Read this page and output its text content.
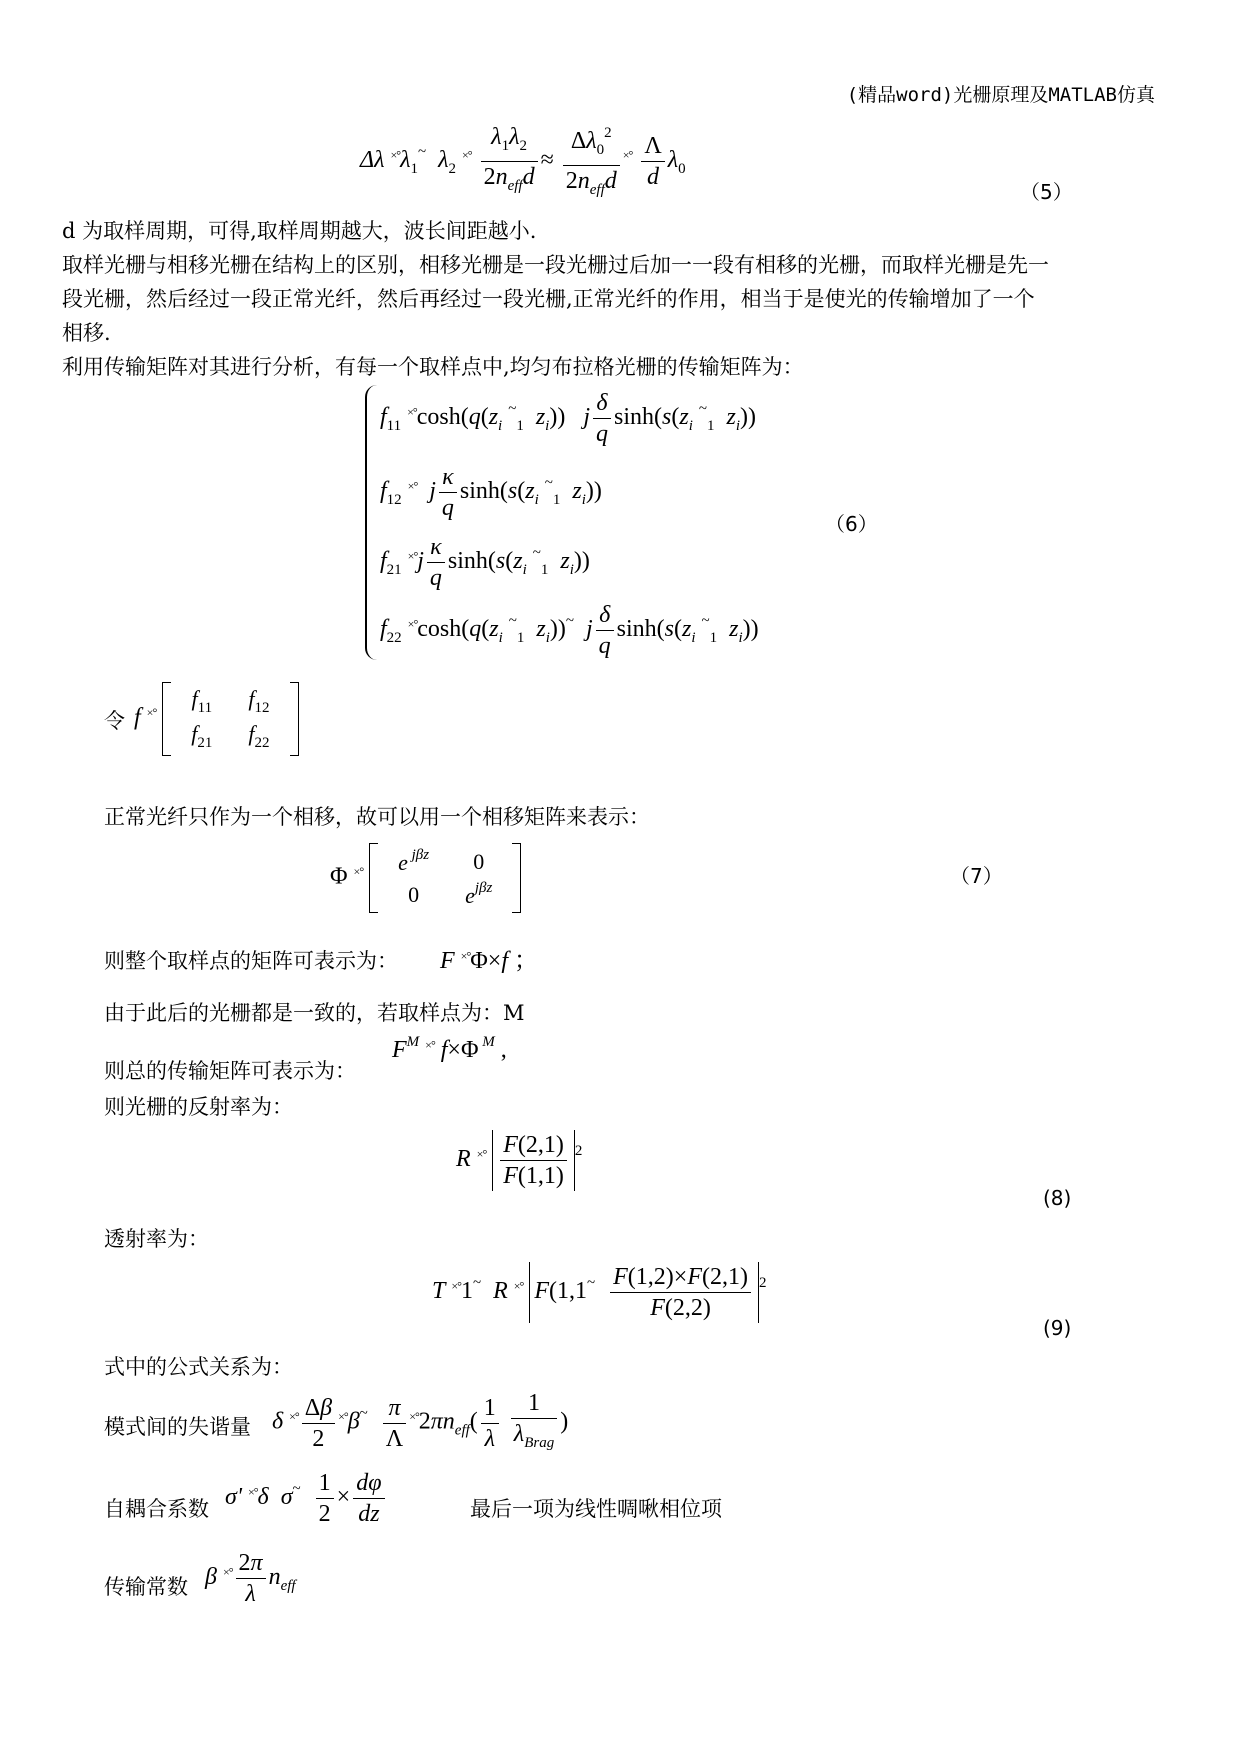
(精品word)光栅原理及MATLAB仿真
Δλ $^{\times^\circ}\lambda_1^\sim$ $\lambda_2$ $^{\times^\circ} \frac{\lambda_1\lambda_2}{2n_{eff}d} \approx \frac{\Delta\lambda_0^2}{2n_{eff}d} ^{\times^\circ} \frac{\Lambda}{d} \lambda_0$
（5）
d 为取样周期，可得,取样周期越大，波长间距越小.
取样光栅与相移光栅在结构上的区别，相移光栅是一段光栅过后加一一段有相移的光栅，而取样光栅是先一
段光栅，然后经过一段正常光纤，然后再经过一段光栅,正常光纤的作用，相当于是使光的传输增加了一个
相移.
利用传输矩阵对其进行分析，有每一个取样点中,均匀布拉格光栅的传输矩阵为：
$f_{11}$ $^{\times^\circ}\cosh(q(z_i$ ~$_1$ $z_i$))   j $\frac{\delta}{q} \sinh(s(z_i$ ~$_1$ $z_i$))
$f_{12}$ ×° j $\frac{\kappa}{q} \sinh(s(z_i$ ~$_1$ $z_i$))
$f_{21}$ $^{\times^\circ}j \frac{\kappa}{q} \sinh(s(z_i$ ~$_1$ $z_i$))
$f_{22}$ $^{\times^\circ}\cosh(q(z_i$ ~$_1$ $z_i))^\sim$ j $\frac{\delta}{q} \sinh(s(z_i$ ~$_1$ $z_i$))
（6）
令 f ×°
$f_{11}$	$f_{12}$
$f_{21}$	$f_{22}$
正常光纤只作为一个相移，故可以用一个相移矩阵来表示：
Φ ×° e $^{j\beta z}$	0
0	$e^{j\beta z}$	（7）
则整个取样点的矩阵可表示为： F ×°Φ×f ；
由于此后的光栅都是一致的，若取样点为：M
则总的传输矩阵可表示为：
$F^M$ ×° f×Φ $^M$ ,
则光栅的反射率为：
R $^{\times^\circ} \frac{F(2,1)}{F(1,1)} ^2$
(8)
透射率为：
T ×°1~ R ×° $F(1,1^\sim \frac{F(1,2)\times F(2,1)}{F(2,2)} ^2$
(9)
式中的公式关系为：
模式间的失谐量 δ $^{\times^\circ} \frac{\Delta\beta}{2} ^{\times^\circ}\beta^\sim \frac{\pi}{\Lambda} ^{\times^\circ}2\pi n_{eff}( \frac{1}{\lambda}$
$\frac{1}{\lambda_{Brag}}$ )
自耦合系数 σ' ×°δ $\sigma^\sim \frac{1}{2} \times \frac{d\varphi}{dz}$	最后一项为线性啁啾相位项
传输常数 β $^{\times^\circ} \frac{2\pi}{\lambda} n_{eff}$
